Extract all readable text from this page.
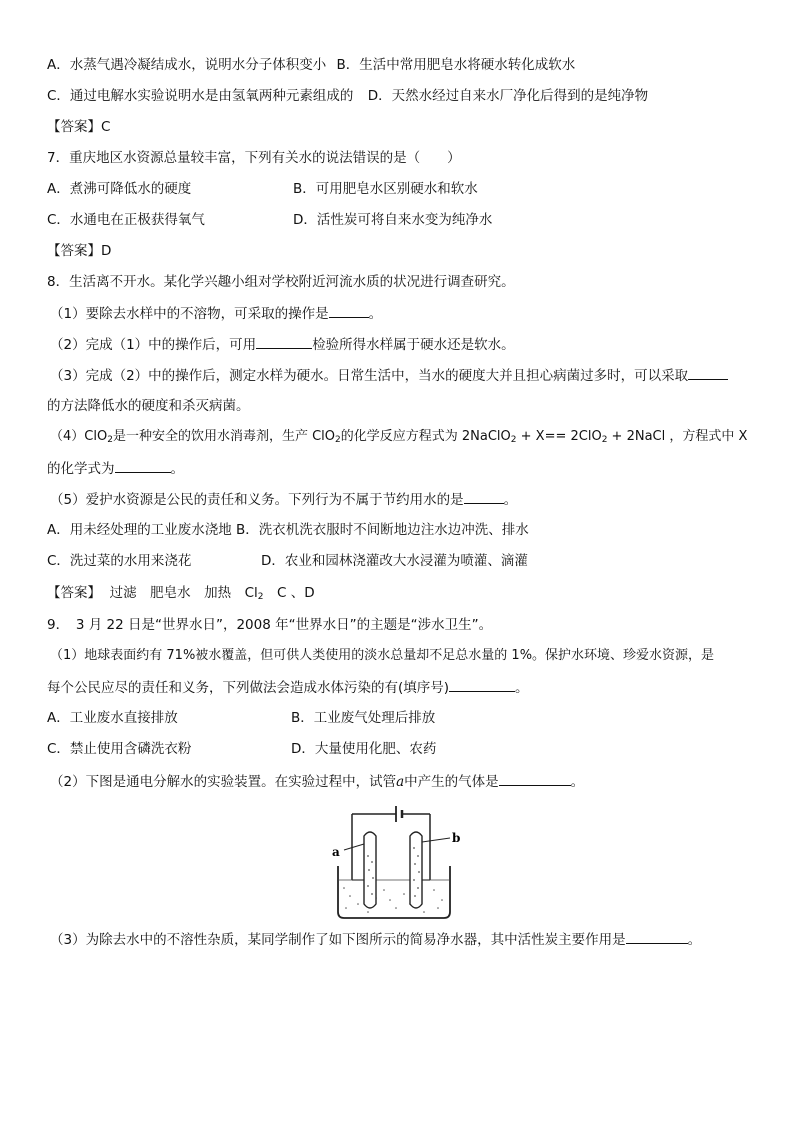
A．水蒸气遇冷凝结成水，说明水分子体积变小 B．生活中常用肥皂水将硬水转化成软水
C．通过电解水实验说明水是由氢氧两种元素组成的 D．天然水经过自来水厂净化后得到的是纯净物
【答案】C
7．重庆地区水资源总量较丰富，下列有关水的说法错误的是（　　）
A．煮沸可降低水的硬度	B．可用肥皂水区别硬水和软水
C．水通电在正极获得氧气	D．活性炭可将自来水变为纯净水
【答案】D
8．生活离不开水。某化学兴趣小组对学校附近河流水质的状况进行调查研究。
（1）要除去水样中的不溶物，可采取的操作是	。
（2）完成（1）中的操作后，可用	检验所得水样属于硬水还是软水。
（3）完成（2）中的操作后，测定水样为硬水。日常生活中，当水的硬度大并且担心病菌过多时，可以采取
的方法降低水的硬度和杀灭病菌。
（4）ClO$_2$是一种安全的饮用水消毒剂，生产 ClO$_2$的化学反应方程式为 2NaClO$_2$ + X== 2ClO$_2$ + 2NaCl ，方程式中 X
的化学式为	。
（5）爱护水资源是公民的责任和义务。下列行为不属于节约用水的是	。
A．用未经处理的工业废水浇地 B．洗衣机洗衣服时不间断地边注水边冲洗、排水
C．洗过菜的水用来浇花	D．农业和园林浇灌改大水浸灌为喷灌、滴灌
【答案】 过滤　肥皂水　加热　$Cl_2$　C 、D
9．　3 月 22 日是“世界水日”，2008 年“世界水日”的主题是“涉水卫生”。
（1）地球表面约有 71%被水覆盖，但可供人类使用的淡水总量却不足总水量的 1%。保护水环境、珍爱水资源，是
每个公民应尽的责任和义务，下列做法会造成水体污染的有(填序号)	。
A．工业废水直接排放	B．工业废气处理后排放
C．禁止使用含磷洗衣粉	D．大量使用化肥、农药
（2）下图是通电分解水的实验装置。在实验过程中，试管a中产生的气体是	。
a
b
（3）为除去水中的不溶性杂质，某同学制作了如下图所示的简易净水器，其中活性炭主要作用是	。
